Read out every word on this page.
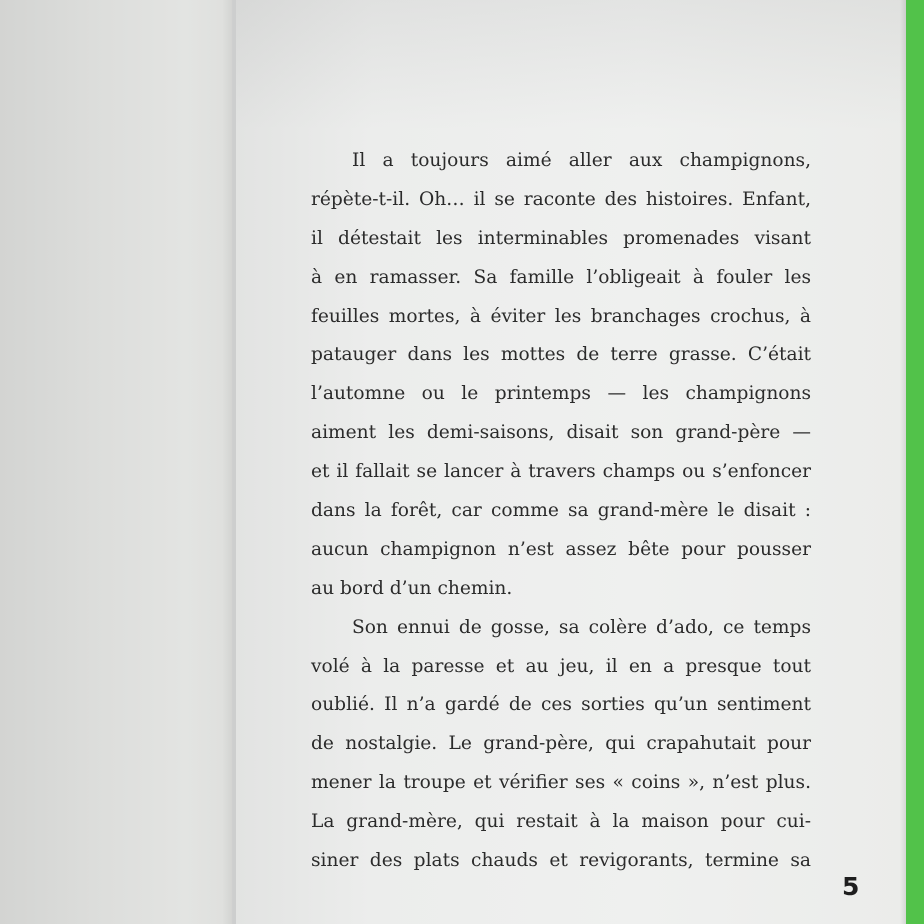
Il a toujours aimé aller aux champignons,
répète-t-il. Oh… il se raconte des histoires. Enfant,
il détestait les interminables promenades visant
à en ramasser. Sa famille l’obligeait à fouler les
feuilles mortes, à éviter les branchages crochus, à
patauger dans les mottes de terre grasse. C’était
l’automne ou le printemps — les champignons
aiment les demi-saisons, disait son grand-père —
et il fallait se lancer à travers champs ou s’enfoncer
dans la forêt, car comme sa grand-mère le disait :
aucun champignon n’est assez bête pour pousser
au bord d’un chemin.
Son ennui de gosse, sa colère d’ado, ce temps
volé à la paresse et au jeu, il en a presque tout
oublié. Il n’a gardé de ces sorties qu’un sentiment
de nostalgie. Le grand-père, qui crapahutait pour
mener la troupe et vérifier ses « coins », n’est plus.
La grand-mère, qui restait à la maison pour cui-
siner des plats chauds et revigorants, termine sa
5
